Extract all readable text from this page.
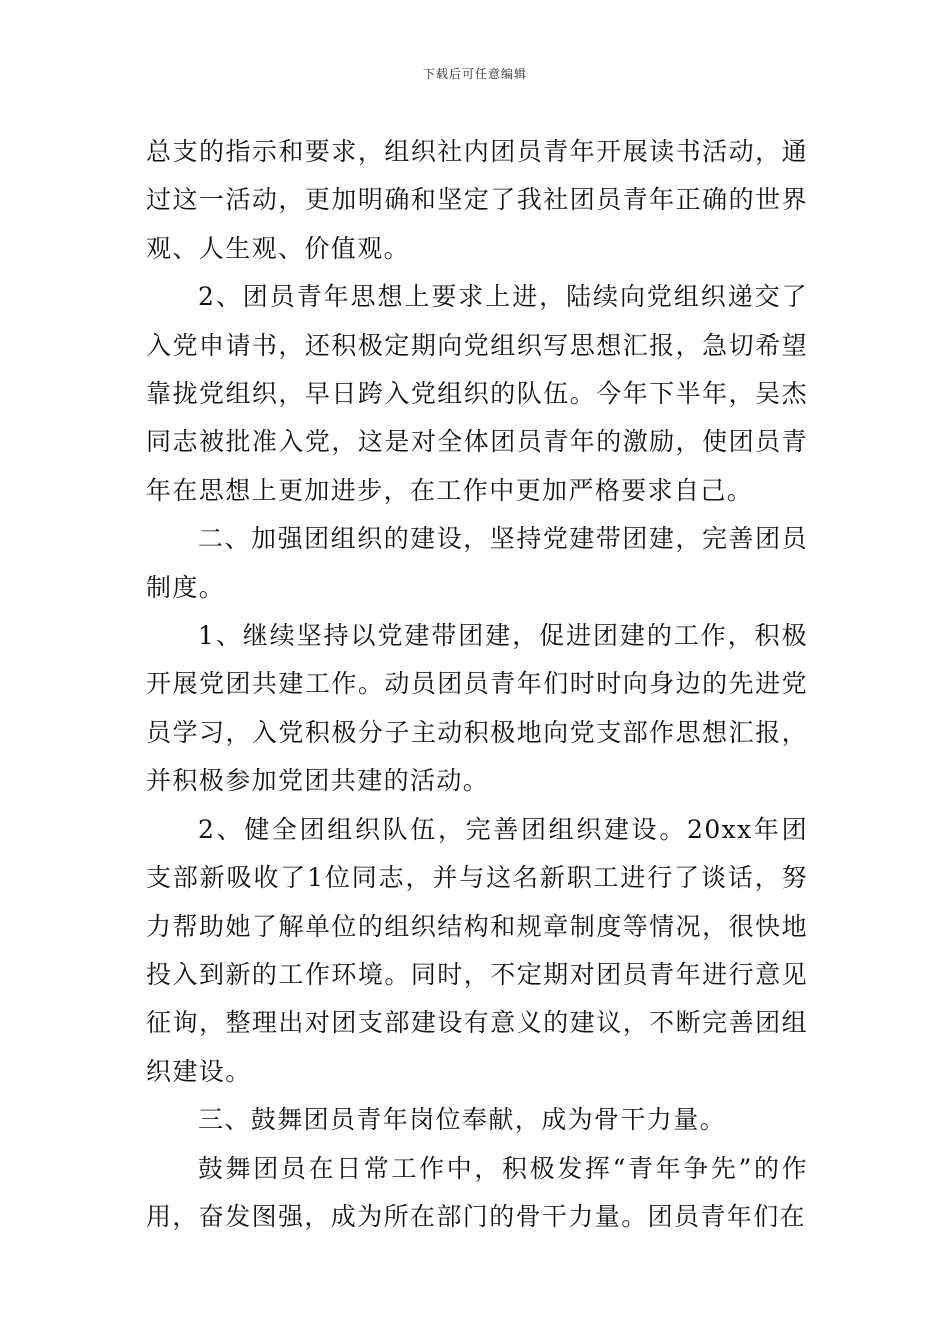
下载后可任意编辑

总支的指示和要求，组织社内团员青年开展读书活动，通过这一活动，更加明确和坚定了我社团员青年正确的世界观、人生观、价值观。

2、团员青年思想上要求上进，陆续向党组织递交了入党申请书，还积极定期向党组织写思想汇报，急切希望靠拢党组织，早日跨入党组织的队伍。今年下半年，吴杰同志被批准入党，这是对全体团员青年的激励，使团员青年在思想上更加进步，在工作中更加严格要求自己。

二、加强团组织的建设，坚持党建带团建，完善团员制度。

1、继续坚持以党建带团建，促进团建的工作，积极开展党团共建工作。动员团员青年们时时向身边的先进党员学习，入党积极分子主动积极地向党支部作思想汇报，并积极参加党团共建的活动。

2、健全团组织队伍，完善团组织建设。20xx年团支部新吸收了1位同志，并与这名新职工进行了谈话，努力帮助她了解单位的组织结构和规章制度等情况，很快地投入到新的工作环境。同时，不定期对团员青年进行意见征询，整理出对团支部建设有意义的建议，不断完善团组织建设。

三、鼓舞团员青年岗位奉献，成为骨干力量。

鼓舞团员在日常工作中，积极发挥“青年争先”的作用，奋发图强，成为所在部门的骨干力量。团员青年们在
